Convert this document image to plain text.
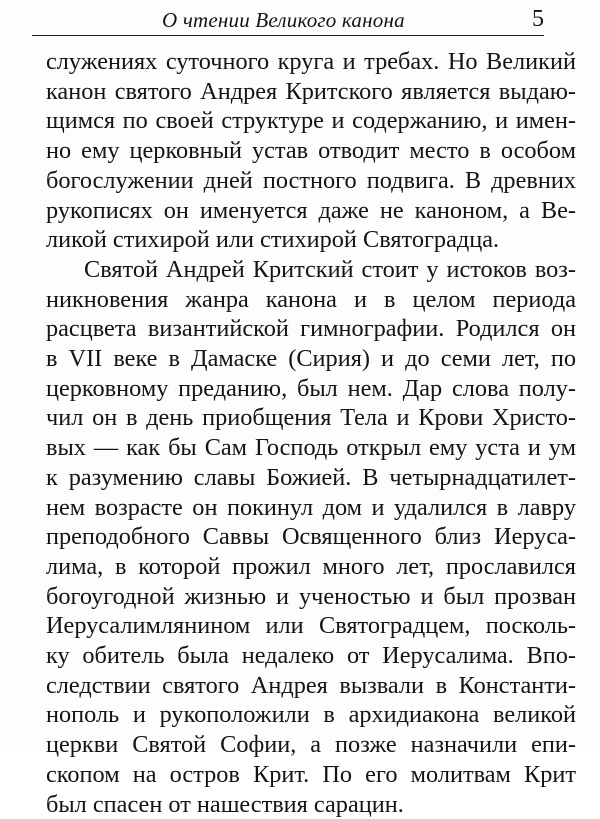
О чтении Великого канона	5
служениях суточного круга и требах. Но Великий
канон святого Андрея Критского является выдаю-
щимся по своей структуре и содержанию, и имен-
но ему церковный устав отводит место в особом
богослужении дней постного подвига. В древних
рукописях он именуется даже не каноном, а Ве-
ликой стихирой или стихирой Святоградца.
Святой Андрей Критский стоит у истоков воз-
никновения жанра канона и в целом периода
расцвета византийской гимнографии. Родился он
в VII веке в Дамаске (Сирия) и до семи лет, по
церковному преданию, был нем. Дар слова полу-
чил он в день приобщения Тела и Крови Христо-
вых — как бы Сам Господь открыл ему уста и ум
к разумению славы Божией. В четырнадцатилет-
нем возрасте он покинул дом и удалился в лавру
преподобного Саввы Освященного близ Иерусa-
лима, в которой прожил много лет, прославился
богоугодной жизнью и ученостью и был прозван
Иерусалимлянином или Святоградцем, посколь-
ку обитель была недалеко от Иерусалима. Впо-
следствии святого Андрея вызвали в Константи-
нополь и рукоположили в архидиакона великой
церкви Святой Софии, а позже назначили епи-
скопом на остров Крит. По его молитвам Крит
был спасен от нашествия сарацин.
